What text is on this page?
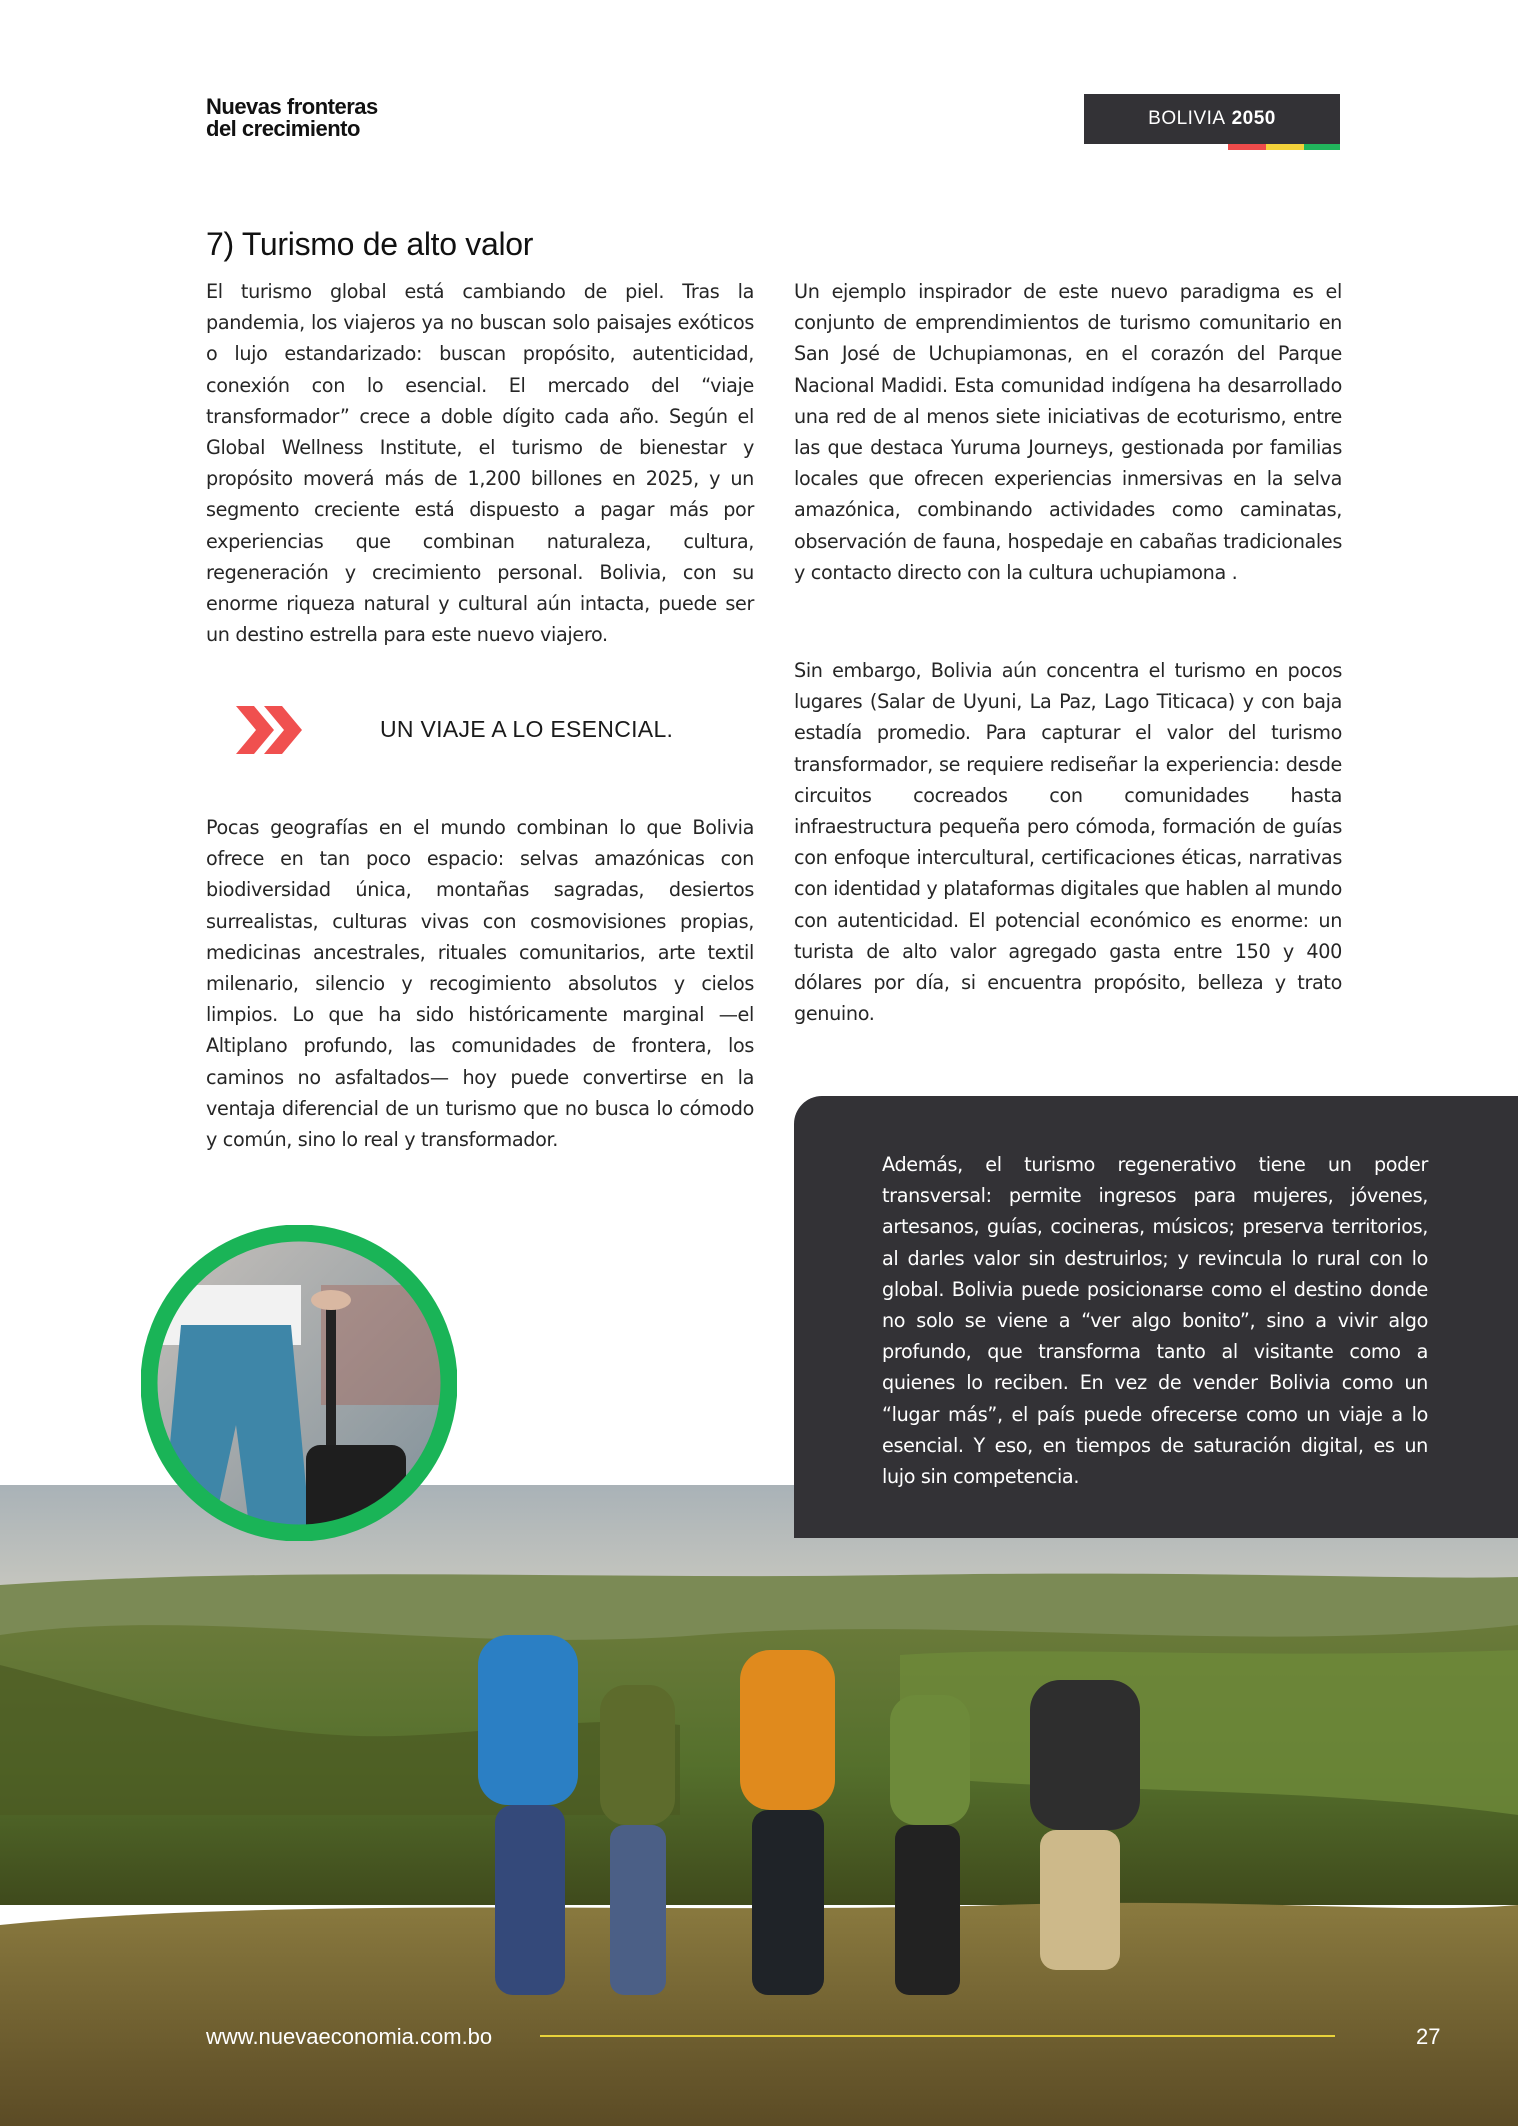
Nuevas fronteras
del crecimiento	BOLIVIA 2050
7) Turismo de alto valor

El turismo global está cambiando de piel. Tras la pandemia, los viajeros ya no buscan solo paisajes exóticos o lujo estandarizado: buscan propósito, autenticidad, conexión con lo esencial. El mercado del “viaje transformador” crece a doble dígito cada año. Según el Global Wellness Institute, el turismo de bienestar y propósito moverá más de 1,200 billones en 2025, y un segmento creciente está dispuesto a pagar más por experiencias que combinan naturaleza, cultura, regeneración y crecimiento personal. Bolivia, con su enorme riqueza natural y cultural aún intacta, puede ser un destino estrella para este nuevo viajero.

UN VIAJE A LO ESENCIAL.

Pocas geografías en el mundo combinan lo que Bolivia ofrece en tan poco espacio: selvas amazónicas con biodiversidad única, montañas sagradas, desiertos surrealistas, culturas vivas con cosmovisiones propias, medicinas ancestrales, rituales comunitarios, arte textil milenario, silencio y recogimiento absolutos y cielos limpios. Lo que ha sido históricamente marginal —el Altiplano profundo, las comunidades de frontera, los caminos no asfaltados— hoy puede convertirse en la ventaja diferencial de un turismo que no busca lo cómodo y común, sino lo real y transformador.

Un ejemplo inspirador de este nuevo paradigma es el conjunto de emprendimientos de turismo comunitario en San José de Uchupiamonas, en el corazón del Parque Nacional Madidi. Esta comunidad indígena ha desarrollado una red de al menos siete iniciativas de ecoturismo, entre las que destaca Yuruma Journeys, gestionada por familias locales que ofrecen experiencias inmersivas en la selva amazónica, combinando actividades como caminatas, observación de fauna, hospedaje en cabañas tradicionales y contacto directo con la cultura uchupiamona .

Sin embargo, Bolivia aún concentra el turismo en pocos lugares (Salar de Uyuni, La Paz, Lago Titicaca) y con baja estadía promedio. Para capturar el valor del turismo transformador, se requiere rediseñar la experiencia: desde circuitos cocreados con comunidades hasta infraestructura pequeña pero cómoda, formación de guías con enfoque intercultural, certificaciones éticas, narrativas con identidad y plataformas digitales que hablen al mundo con autenticidad. El potencial económico es enorme: un turista de alto valor agregado gasta entre 150 y 400 dólares por día, si encuentra propósito, belleza y trato genuino.

Además, el turismo regenerativo tiene un poder transversal: permite ingresos para mujeres, jóvenes, artesanos, guías, cocineras, músicos; preserva territorios, al darles valor sin destruirlos; y revincula lo rural con lo global. Bolivia puede posicionarse como el destino donde no solo se viene a “ver algo bonito”, sino a vivir algo profundo, que transforma tanto al visitante como a quienes lo reciben. En vez de vender Bolivia como un “lugar más”, el país puede ofrecerse como un viaje a lo esencial. Y eso, en tiempos de saturación digital, es un lujo sin competencia.

www.nuevaeconomia.com.bo	27
